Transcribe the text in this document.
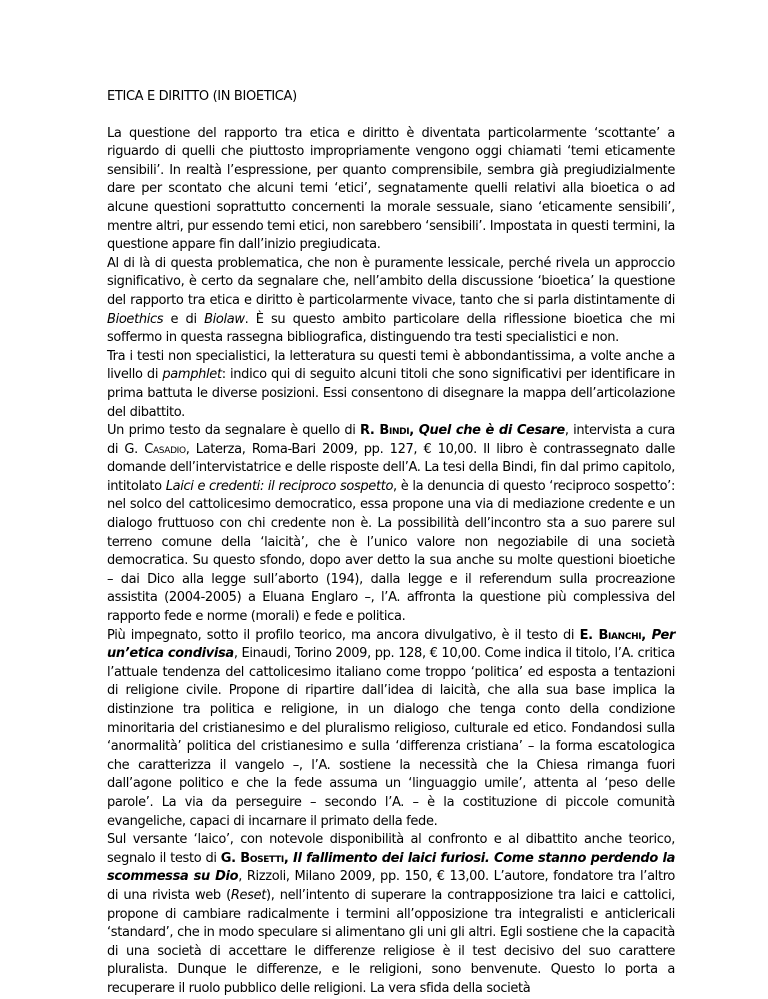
ETICA E DIRITTO (IN BIOETICA)

La questione del rapporto tra etica e diritto è diventata particolarmente ‘scottante’ a riguardo di quelli che piuttosto impropriamente vengono oggi chiamati ‘temi eticamente sensibili’. In realtà l’espressione, per quanto comprensibile, sembra già pregiudizialmente dare per scontato che alcuni temi ‘etici’, segnatamente quelli relativi alla bioetica o ad alcune questioni soprattutto concernenti la morale sessuale, siano ‘eticamente sensibili’, mentre altri, pur essendo temi etici, non sarebbero ‘sensibili’. Impostata in questi termini, la questione appare fin dall’inizio pregiudicata.

Al di là di questa problematica, che non è puramente lessicale, perché rivela un approccio significativo, è certo da segnalare che, nell’ambito della discussione ‘bioetica’ la questione del rapporto tra etica e diritto è particolarmente vivace, tanto che si parla distintamente di Bioethics e di Biolaw. È su questo ambito particolare della riflessione bioetica che mi soffermo in questa rassegna bibliografica, distinguendo tra testi specialistici e non.

Tra i testi non specialistici, la letteratura su questi temi è abbondantissima, a volte anche a livello di pamphlet: indico qui di seguito alcuni titoli che sono significativi per identificare in prima battuta le diverse posizioni. Essi consentono di disegnare la mappa dell’articolazione del dibattito.

Un primo testo da segnalare è quello di R. Bindi, Quel che è di Cesare, intervista a cura di G. Casadio, Laterza, Roma-Bari 2009, pp. 127, € 10,00. Il libro è contrassegnato dalle domande dell’intervistatrice e delle risposte dell’A. La tesi della Bindi, fin dal primo capitolo, intitolato Laici e credenti: il reciproco sospetto, è la denuncia di questo ‘reciproco sospetto’: nel solco del cattolicesimo democratico, essa propone una via di mediazione credente e un dialogo fruttuoso con chi credente non è. La possibilità dell’incontro sta a suo parere sul terreno comune della ‘laicità’, che è l’unico valore non negoziabile di una società democratica. Su questo sfondo, dopo aver detto la sua anche su molte questioni bioetiche – dai Dico alla legge sull’aborto (194), dalla legge e il referendum sulla procreazione assistita (2004-2005) a Eluana Englaro –, l’A. affronta la questione più complessiva del rapporto fede e norme (morali) e fede e politica.

Più impegnato, sotto il profilo teorico, ma ancora divulgativo, è il testo di E. Bianchi, Per un’etica condivisa, Einaudi, Torino 2009, pp. 128, € 10,00. Come indica il titolo, l’A. critica l’attuale tendenza del cattolicesimo italiano come troppo ‘politica’ ed esposta a tentazioni di religione civile. Propone di ripartire dall’idea di laicità, che alla sua base implica la distinzione tra politica e religione, in un dialogo che tenga conto della condizione minoritaria del cristianesimo e del pluralismo religioso, culturale ed etico. Fondandosi sulla ‘anormalità’ politica del cristianesimo e sulla ‘differenza cristiana’ – la forma escatologica che caratterizza il vangelo –, l’A. sostiene la necessità che la Chiesa rimanga fuori dall’agone politico e che la fede assuma un ‘linguaggio umile’, attenta al ‘peso delle parole’. La via da perseguire – secondo l’A. – è la costituzione di piccole comunità evangeliche, capaci di incarnare il primato della fede.

Sul versante ‘laico’, con notevole disponibilità al confronto e al dibattito anche teorico, segnalo il testo di G. Bosetti, Il fallimento dei laici furiosi. Come stanno perdendo la scommessa su Dio, Rizzoli, Milano 2009, pp. 150, € 13,00. L’autore, fondatore tra l’altro di una rivista web (Reset), nell’intento di superare la contrapposizione tra laici e cattolici, propone di cambiare radicalmente i termini all’opposizione tra integralisti e anticlericali ‘standard’, che in modo speculare si alimentano gli uni gli altri. Egli sostiene che la capacità di una società di accettare le differenze religiose è il test decisivo del suo carattere pluralista. Dunque le differenze, e le religioni, sono benvenute. Questo lo porta a recuperare il ruolo pubblico delle religioni. La vera sfida della società
